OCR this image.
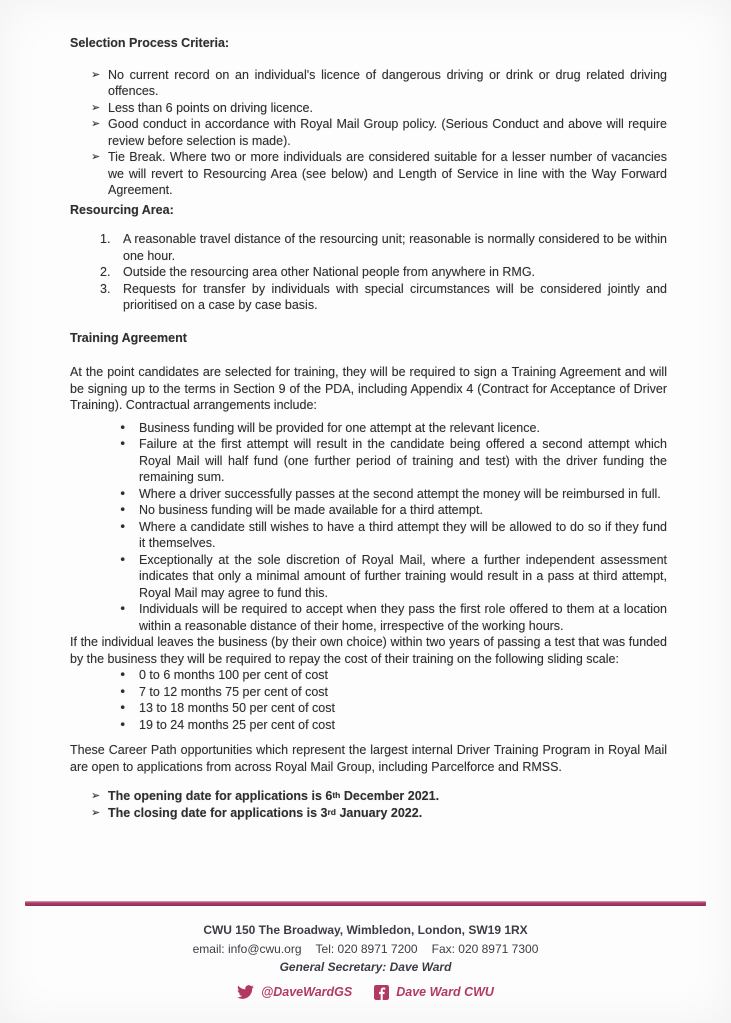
Selection Process Criteria:
➢ No current record on an individual's licence of dangerous driving or drink or drug related driving offences.
➢ Less than 6 points on driving licence.
➢ Good conduct in accordance with Royal Mail Group policy. (Serious Conduct and above will require review before selection is made).
➢ Tie Break. Where two or more individuals are considered suitable for a lesser number of vacancies we will revert to Resourcing Area (see below) and Length of Service in line with the Way Forward Agreement.
Resourcing Area:
1. A reasonable travel distance of the resourcing unit; reasonable is normally considered to be within one hour.
2. Outside the resourcing area other National people from anywhere in RMG.
3. Requests for transfer by individuals with special circumstances will be considered jointly and prioritised on a case by case basis.
Training Agreement
At the point candidates are selected for training, they will be required to sign a Training Agreement and will be signing up to the terms in Section 9 of the PDA, including Appendix 4 (Contract for Acceptance of Driver Training). Contractual arrangements include:
• Business funding will be provided for one attempt at the relevant licence.
• Failure at the first attempt will result in the candidate being offered a second attempt which Royal Mail will half fund (one further period of training and test) with the driver funding the remaining sum.
• Where a driver successfully passes at the second attempt the money will be reimbursed in full.
• No business funding will be made available for a third attempt.
• Where a candidate still wishes to have a third attempt they will be allowed to do so if they fund it themselves.
• Exceptionally at the sole discretion of Royal Mail, where a further independent assessment indicates that only a minimal amount of further training would result in a pass at third attempt, Royal Mail may agree to fund this.
• Individuals will be required to accept when they pass the first role offered to them at a location within a reasonable distance of their home, irrespective of the working hours.
If the individual leaves the business (by their own choice) within two years of passing a test that was funded by the business they will be required to repay the cost of their training on the following sliding scale:
• 0 to 6 months 100 per cent of cost
• 7 to 12 months 75 per cent of cost
• 13 to 18 months 50 per cent of cost
• 19 to 24 months 25 per cent of cost
These Career Path opportunities which represent the largest internal Driver Training Program in Royal Mail are open to applications from across Royal Mail Group, including Parcelforce and RMSS.
➢ The opening date for applications is 6th December 2021.
➢ The closing date for applications is 3rd January 2022.
CWU 150 The Broadway, Wimbledon, London, SW19 1RX
email: info@cwu.org Tel: 020 8971 7200 Fax: 020 8971 7300
General Secretary: Dave Ward
@DaveWardGS	Dave Ward CWU
